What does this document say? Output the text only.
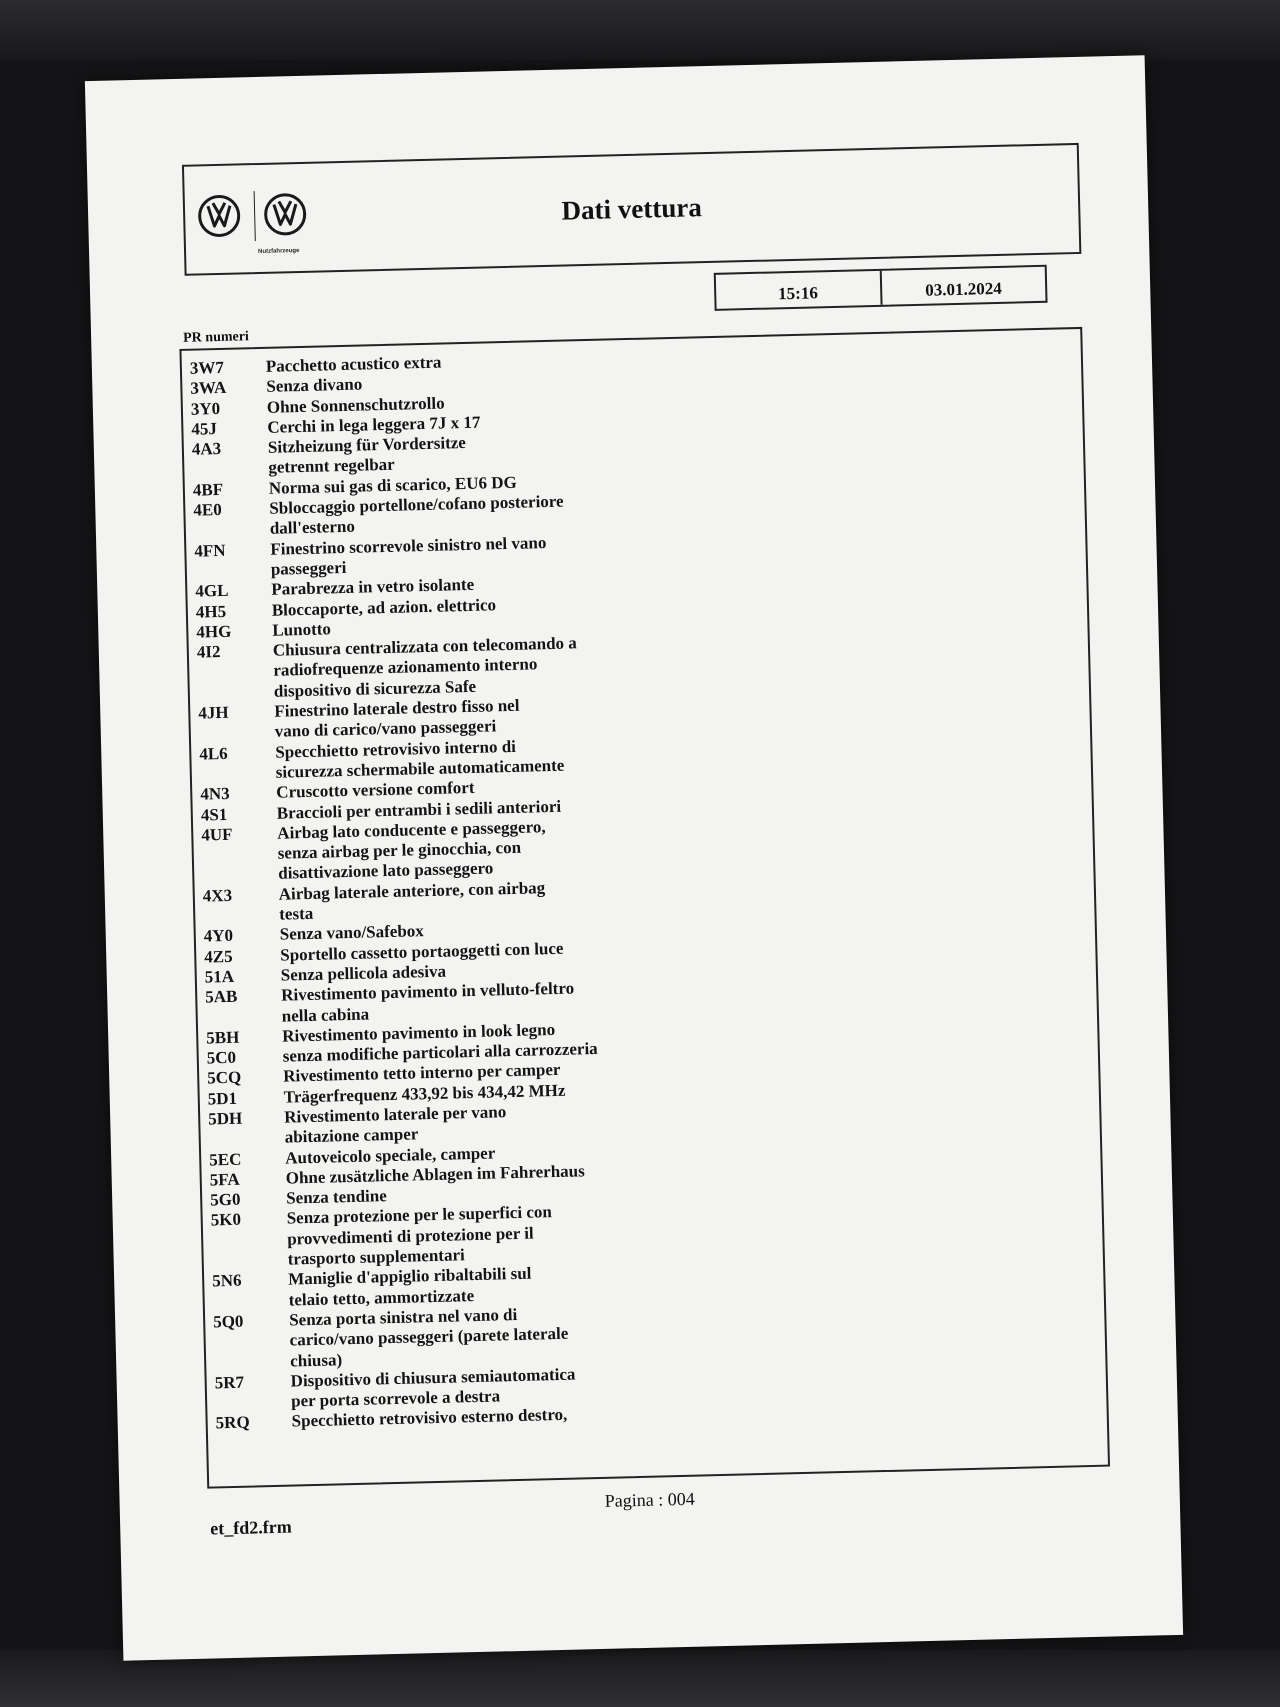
Nutzfahrzeuge
Dati vettura
15:16	03.01.2024
PR numeri
3W7	Pacchetto acustico extra
3WA	Senza divano
3Y0	Ohne Sonnenschutzrollo
45J	Cerchi in lega leggera 7J x 17
4A3	Sitzheizung für Vordersitze
getrennt regelbar
4BF	Norma sui gas di scarico, EU6 DG
4E0	Sbloccaggio portellone/cofano posteriore
dall'esterno
4FN	Finestrino scorrevole sinistro nel vano
passeggeri
4GL	Parabrezza in vetro isolante
4H5	Bloccaporte, ad azion. elettrico
4HG	Lunotto
4I2	Chiusura centralizzata con telecomando a
radiofrequenze azionamento interno
dispositivo di sicurezza Safe
4JH	Finestrino laterale destro fisso nel
vano di carico/vano passeggeri
4L6	Specchietto retrovisivo interno di
sicurezza schermabile automaticamente
4N3	Cruscotto versione comfort
4S1	Braccioli per entrambi i sedili anteriori
4UF	Airbag lato conducente e passeggero,
senza airbag per le ginocchia, con
disattivazione lato passeggero
4X3	Airbag laterale anteriore, con airbag
testa
4Y0	Senza vano/Safebox
4Z5	Sportello cassetto portaoggetti con luce
51A	Senza pellicola adesiva
5AB	Rivestimento pavimento in velluto-feltro
nella cabina
5BH	Rivestimento pavimento in look legno
5C0	senza modifiche particolari alla carrozzeria
5CQ	Rivestimento tetto interno per camper
5D1	Trägerfrequenz 433,92 bis 434,42 MHz
5DH	Rivestimento laterale per vano
abitazione camper
5EC	Autoveicolo speciale, camper
5FA	Ohne zusätzliche Ablagen im Fahrerhaus
5G0	Senza tendine
5K0	Senza protezione per le superfici con
provvedimenti di protezione per il
trasporto supplementari
5N6	Maniglie d'appiglio ribaltabili sul
telaio tetto, ammortizzate
5Q0	Senza porta sinistra nel vano di
carico/vano passeggeri (parete laterale
chiusa)
5R7	Dispositivo di chiusura semiautomatica
per porta scorrevole a destra
5RQ	Specchietto retrovisivo esterno destro,
Pagina : 004
et_fd2.frm
